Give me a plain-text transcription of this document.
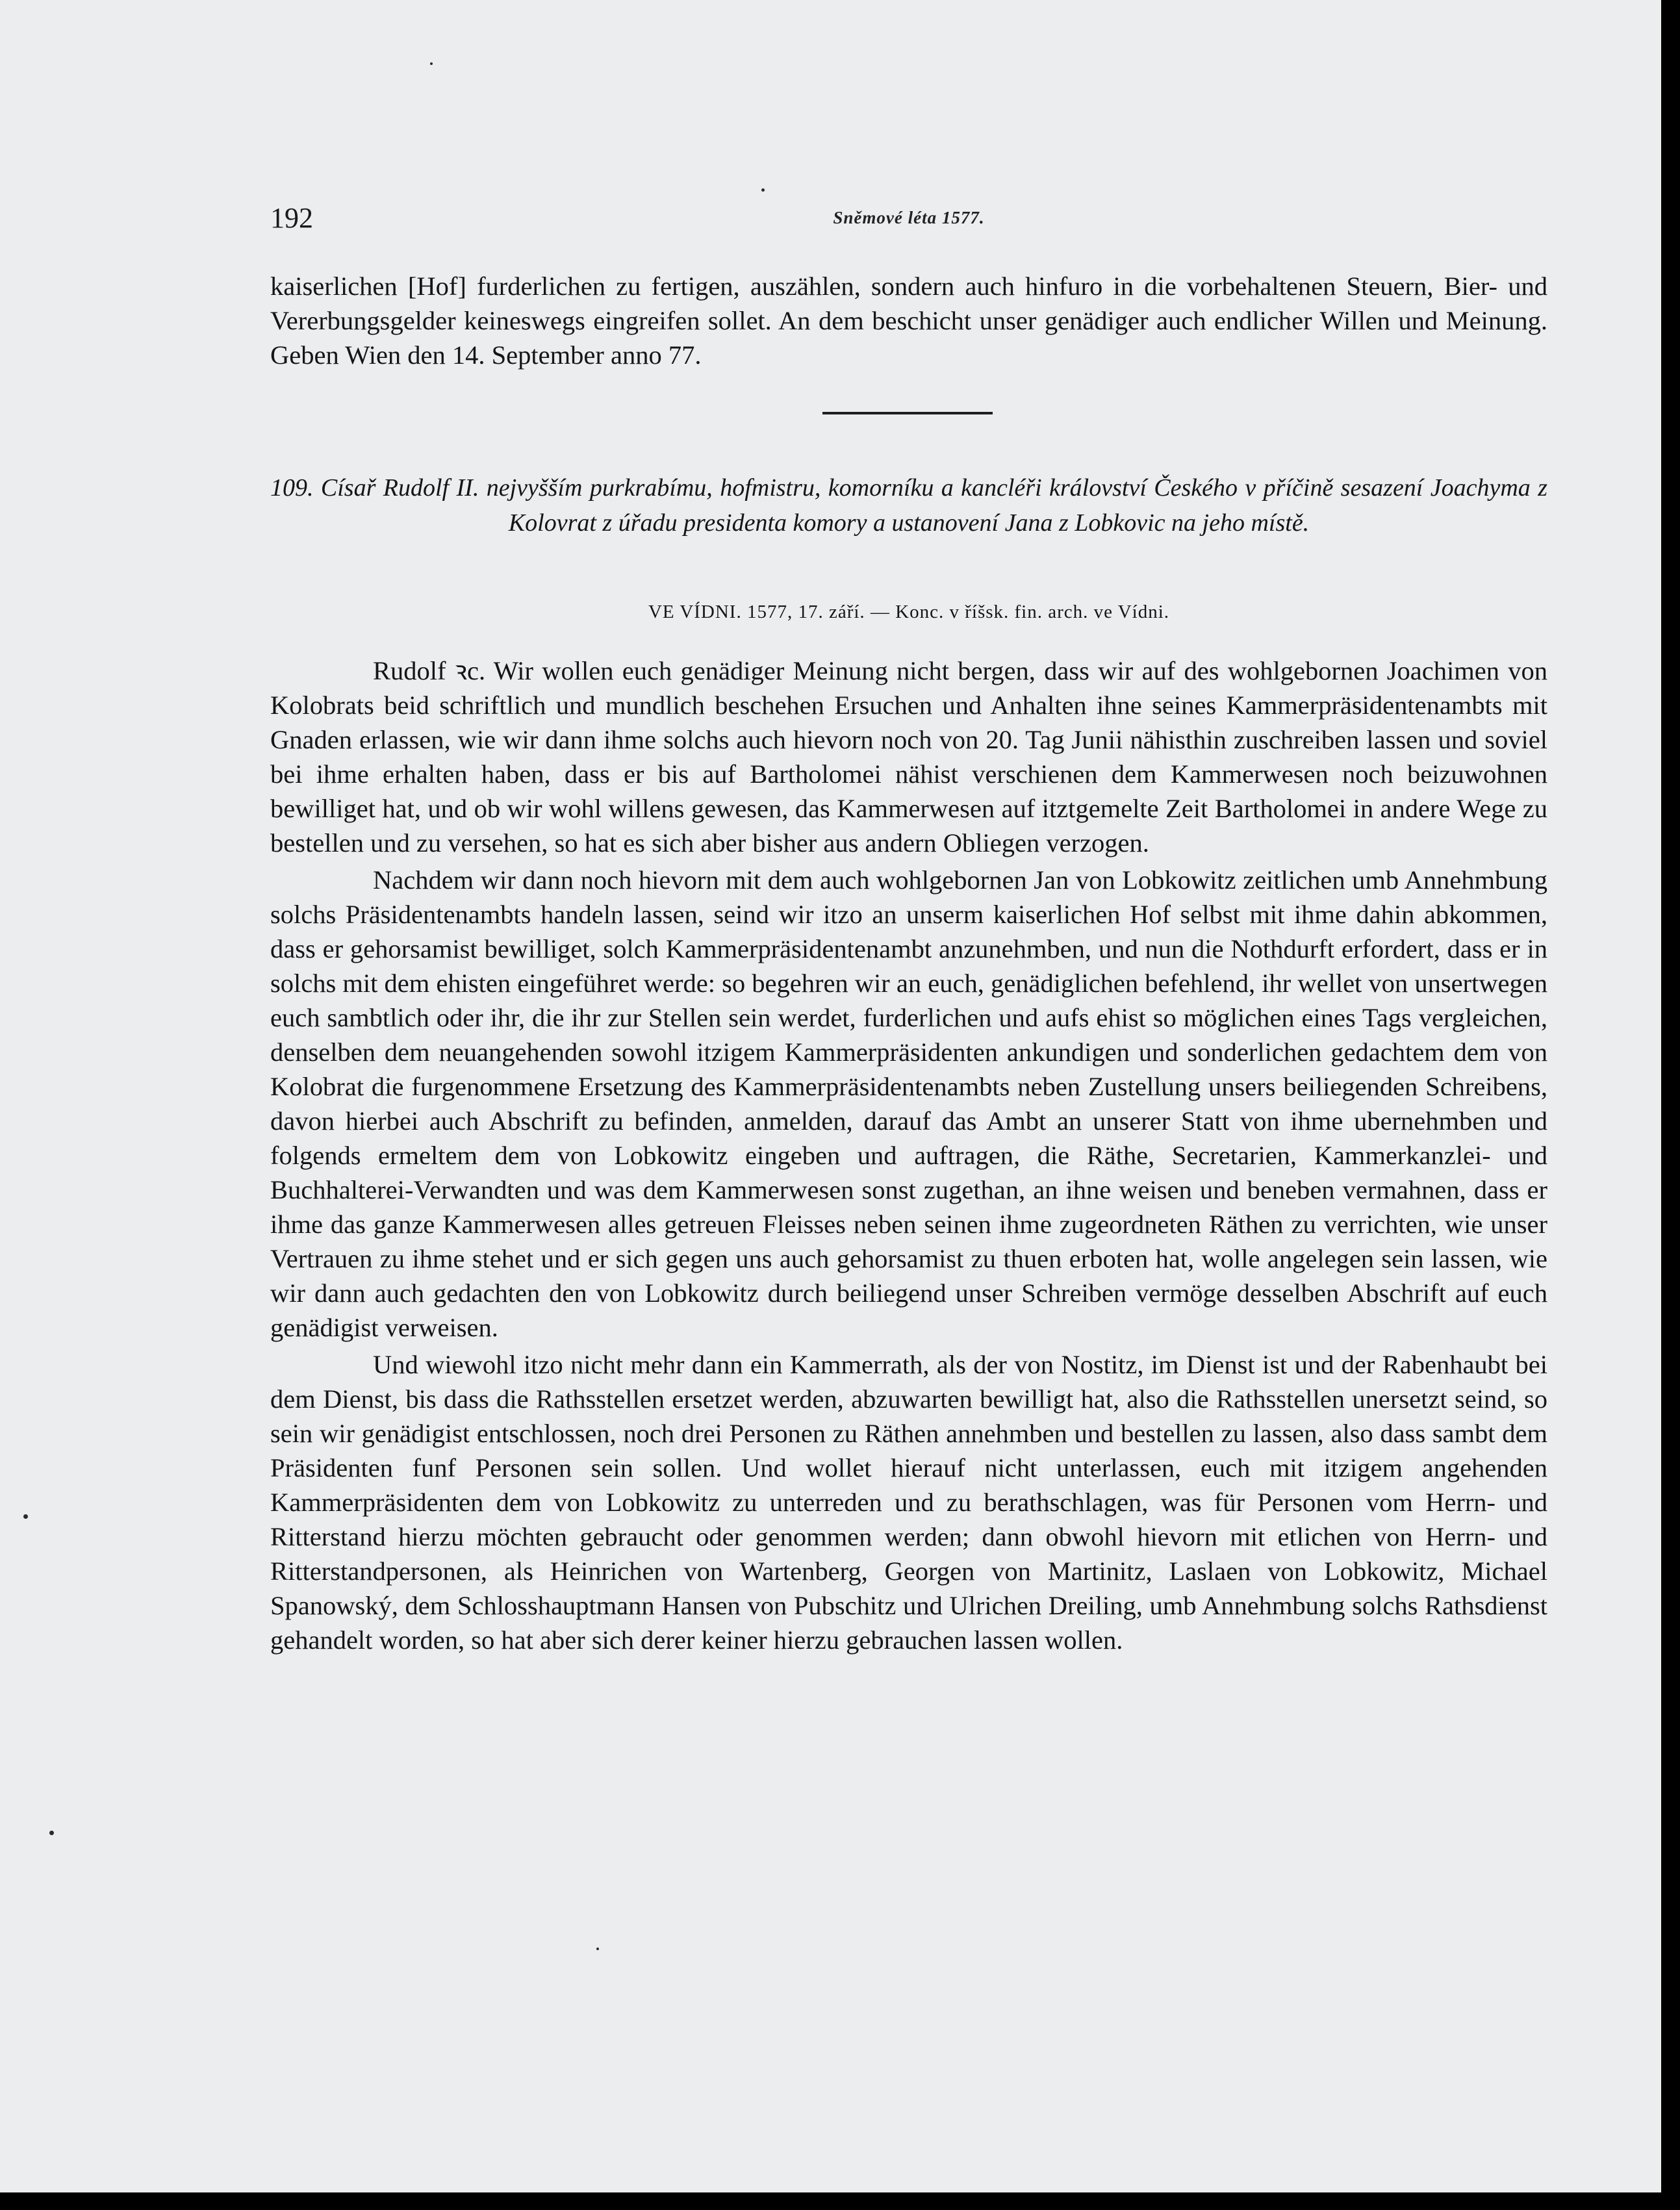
192	Sněmové léta 1577.

kaiserlichen [Hof] furderlichen zu fertigen, auszählen, sondern auch hinfuro in die vorbehaltenen Steuern, Bier- und Vererbungsgelder keineswegs eingreifen sollet. An dem beschicht unser genädiger auch endlicher Willen und Meinung. Geben Wien den 14. September anno 77.

109. Císař Rudolf II. nejvyšším purkrabímu, hofmistru, komorníku a kancléři království Českého v příčině sesazení Joachyma z Kolovrat z úřadu presidenta komory a ustanovení Jana z Lobkovic na jeho místě.
VE VÍDNI. 1577, 17. září. — Konc. v říšsk. fin. arch. ve Vídni.

Rudolf ꝛc. Wir wollen euch genädiger Meinung nicht bergen, dass wir auf des wohlgebornen Joachimen von Kolobrats beid schriftlich und mundlich beschehen Ersuchen und Anhalten ihne seines Kammerpräsidentenambts mit Gnaden erlassen, wie wir dann ihme solchs auch hievorn noch von 20. Tag Junii nähisthin zuschreiben lassen und soviel bei ihme erhalten haben, dass er bis auf Bartholomei nähist verschienen dem Kammerwesen noch beizuwohnen bewilliget hat, und ob wir wohl willens gewesen, das Kammerwesen auf itztgemelte Zeit Bartholomei in andere Wege zu bestellen und zu versehen, so hat es sich aber bisher aus andern Obliegen verzogen.

Nachdem wir dann noch hievorn mit dem auch wohlgebornen Jan von Lobkowitz zeitlichen umb Annehmbung solchs Präsidentenambts handeln lassen, seind wir itzo an unserm kaiserlichen Hof selbst mit ihme dahin abkommen, dass er gehorsamist bewilliget, solch Kammerpräsidentenambt anzunehmben, und nun die Nothdurft erfordert, dass er in solchs mit dem ehisten eingeführet werde: so begehren wir an euch, genädiglichen befehlend, ihr wellet von unsertwegen euch sambtlich oder ihr, die ihr zur Stellen sein werdet, furderlichen und aufs ehist so möglichen eines Tags vergleichen, denselben dem neuangehenden sowohl itzigem Kammerpräsidenten ankundigen und sonderlichen gedachtem dem von Kolobrat die furgenommene Ersetzung des Kammerpräsidentenambts neben Zustellung unsers beiliegenden Schreibens, davon hierbei auch Abschrift zu befinden, anmelden, darauf das Ambt an unserer Statt von ihme ubernehmben und folgends ermeltem dem von Lobkowitz eingeben und auftragen, die Räthe, Secretarien, Kammerkanzlei- und Buchhalterei-Verwandten und was dem Kammerwesen sonst zugethan, an ihne weisen und beneben vermahnen, dass er ihme das ganze Kammerwesen alles getreuen Fleisses neben seinen ihme zugeordneten Räthen zu verrichten, wie unser Vertrauen zu ihme stehet und er sich gegen uns auch gehorsamist zu thuen erboten hat, wolle angelegen sein lassen, wie wir dann auch gedachten den von Lobkowitz durch beiliegend unser Schreiben vermöge desselben Abschrift auf euch genädigist verweisen.

Und wiewohl itzo nicht mehr dann ein Kammerrath, als der von Nostitz, im Dienst ist und der Rabenhaubt bei dem Dienst, bis dass die Rathsstellen ersetzet werden, abzuwarten bewilligt hat, also die Rathsstellen unersetzt seind, so sein wir genädigist entschlossen, noch drei Personen zu Räthen annehmben und bestellen zu lassen, also dass sambt dem Präsidenten funf Personen sein sollen. Und wollet hierauf nicht unterlassen, euch mit itzigem angehenden Kammerpräsidenten dem von Lobkowitz zu unterreden und zu berathschlagen, was für Personen vom Herrn- und Ritterstand hierzu möchten gebraucht oder genommen werden; dann obwohl hievorn mit etlichen von Herrn- und Ritterstandpersonen, als Heinrichen von Wartenberg, Georgen von Martinitz, Laslaen von Lobkowitz, Michael Spanowský, dem Schlosshauptmann Hansen von Pubschitz und Ulrichen Dreiling, umb Annehmbung solchs Rathsdienst gehandelt worden, so hat aber sich derer keiner hierzu gebrauchen lassen wollen.
